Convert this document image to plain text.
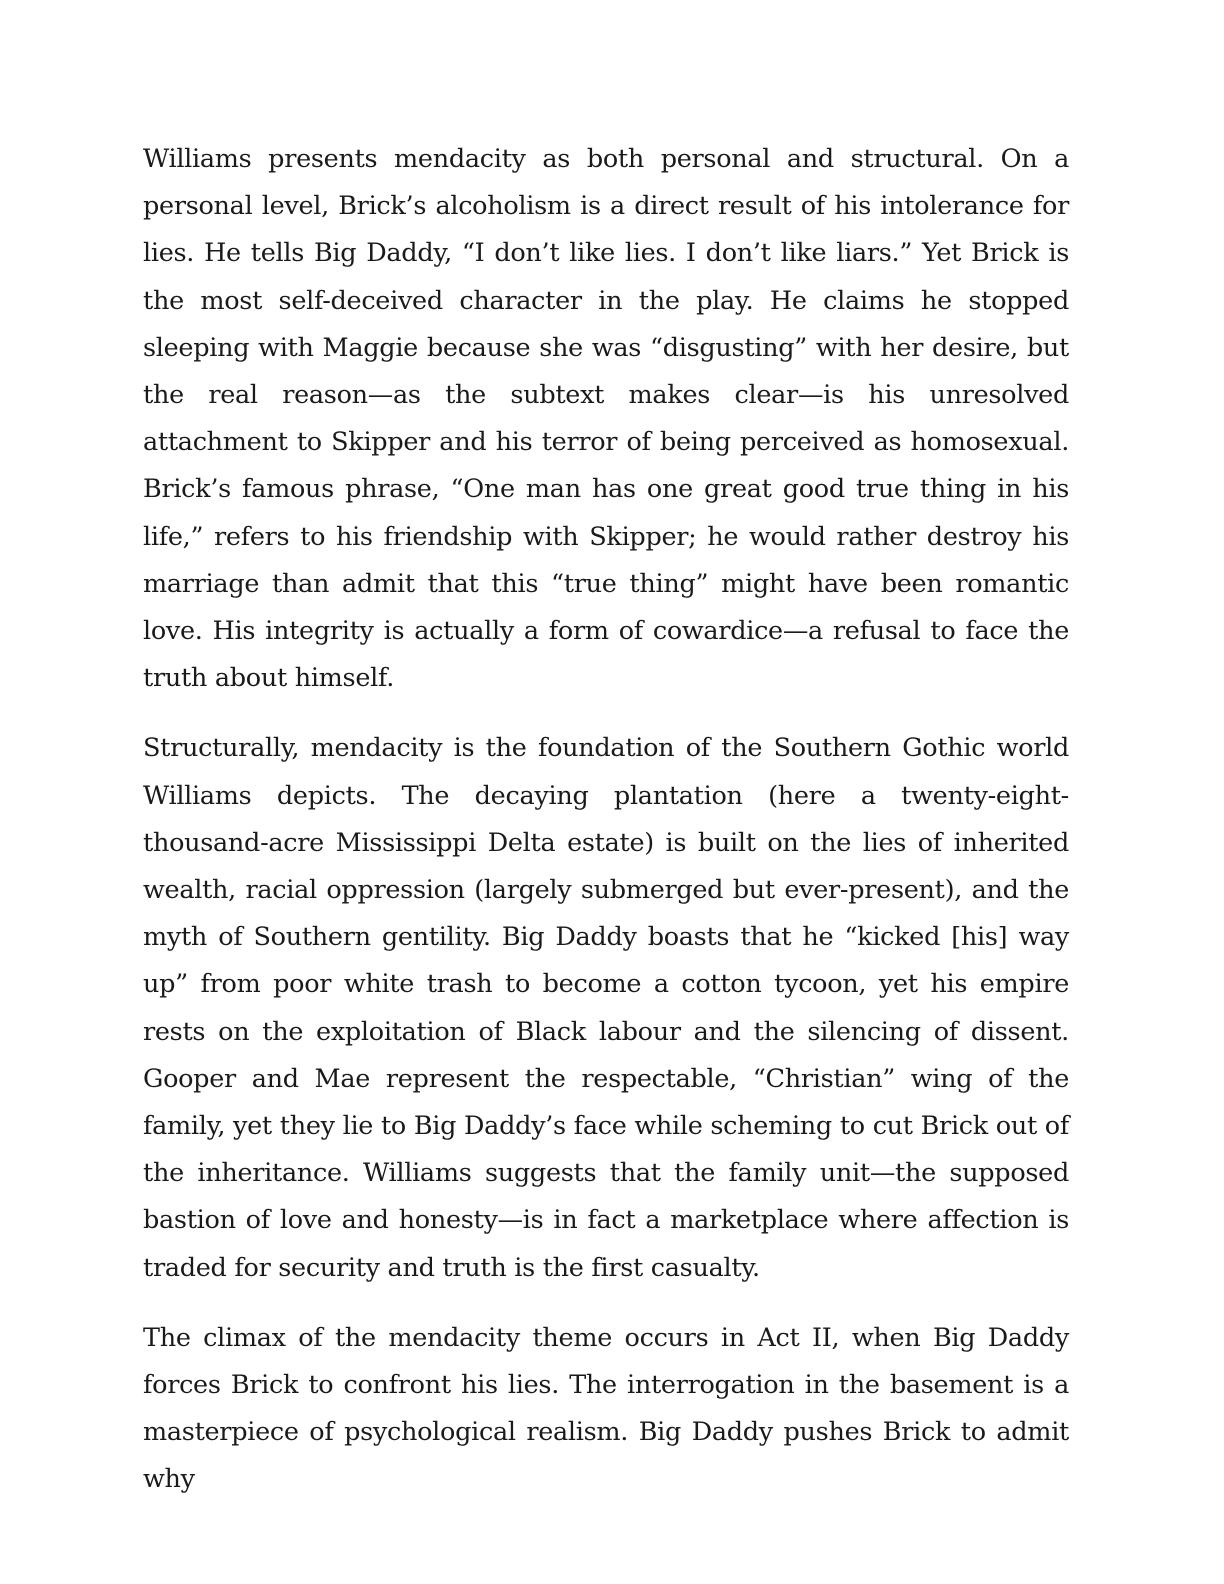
Williams presents mendacity as both personal and structural. On a personal level, Brick’s alcoholism is a direct result of his intolerance for lies. He tells Big Daddy, “I don’t like lies. I don’t like liars.” Yet Brick is the most self-deceived character in the play. He claims he stopped sleeping with Maggie because she was “disgusting” with her desire, but the real reason—as the subtext makes clear—is his unresolved attachment to Skipper and his terror of being perceived as homosexual. Brick’s famous phrase, “One man has one great good true thing in his life,” refers to his friendship with Skipper; he would rather destroy his marriage than admit that this “true thing” might have been romantic love. His integrity is actually a form of cowardice—a refusal to face the truth about himself.

Structurally, mendacity is the foundation of the Southern Gothic world Williams depicts. The decaying plantation (here a twenty-eight-thousand-acre Mississippi Delta estate) is built on the lies of inherited wealth, racial oppression (largely submerged but ever-present), and the myth of Southern gentility. Big Daddy boasts that he “kicked [his] way up” from poor white trash to become a cotton tycoon, yet his empire rests on the exploitation of Black labour and the silencing of dissent. Gooper and Mae represent the respectable, “Christian” wing of the family, yet they lie to Big Daddy’s face while scheming to cut Brick out of the inheritance. Williams suggests that the family unit—the supposed bastion of love and honesty—is in fact a marketplace where affection is traded for security and truth is the first casualty.

The climax of the mendacity theme occurs in Act II, when Big Daddy forces Brick to confront his lies. The interrogation in the basement is a masterpiece of psychological realism. Big Daddy pushes Brick to admit why
